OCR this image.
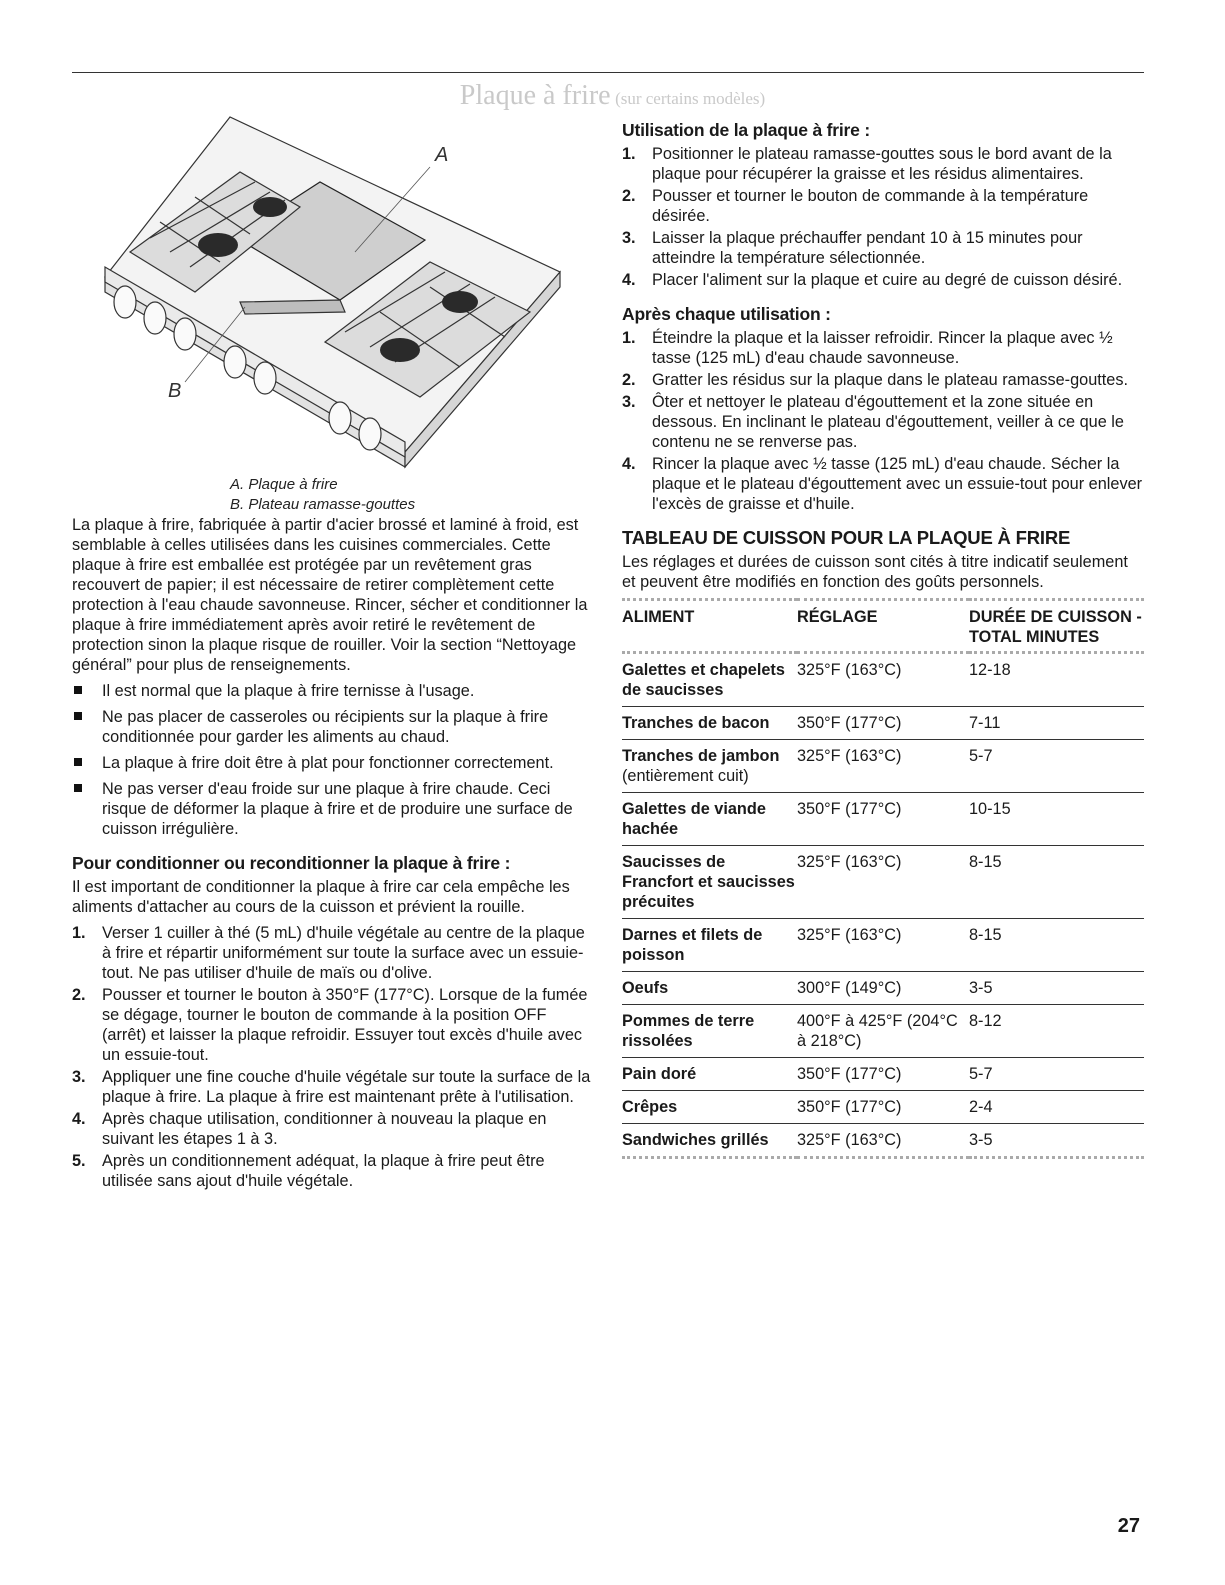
Plaque à frire (sur certains modèles)
A
B
A. Plaque à frire
B. Plateau ramasse-gouttes

La plaque à frire, fabriquée à partir d'acier brossé et laminé à froid, est semblable à celles utilisées dans les cuisines commerciales. Cette plaque à frire est emballée est protégée par un revêtement gras recouvert de papier; il est nécessaire de retirer complètement cette protection à l'eau chaude savonneuse. Rincer, sécher et conditionner la plaque à frire immédiatement après avoir retiré le revêtement de protection sinon la plaque risque de rouiller. Voir la section “Nettoyage général” pour plus de renseignements.

Il est normal que la plaque à frire ternisse à l'usage.
Ne pas placer de casseroles ou récipients sur la plaque à frire conditionnée pour garder les aliments au chaud.
La plaque à frire doit être à plat pour fonctionner correctement.
Ne pas verser d'eau froide sur une plaque à frire chaude. Ceci risque de déformer la plaque à frire et de produire une surface de cuisson irrégulière.
Pour conditionner ou reconditionner la plaque à frire :

Il est important de conditionner la plaque à frire car cela empêche les aliments d'attacher au cours de la cuisson et prévient la rouille.

1. Verser 1 cuiller à thé (5 mL) d'huile végétale au centre de la plaque à frire et répartir uniformément sur toute la surface avec un essuie-tout. Ne pas utiliser d'huile de maïs ou d'olive.
2. Pousser et tourner le bouton à 350°F (177°C). Lorsque de la fumée se dégage, tourner le bouton de commande à la position OFF (arrêt) et laisser la plaque refroidir. Essuyer tout excès d'huile avec un essuie-tout.
3. Appliquer une fine couche d'huile végétale sur toute la surface de la plaque à frire. La plaque à frire est maintenant prête à l'utilisation.
4. Après chaque utilisation, conditionner à nouveau la plaque en suivant les étapes 1 à 3.
5. Après un conditionnement adéquat, la plaque à frire peut être utilisée sans ajout d'huile végétale.
Utilisation de la plaque à frire :
1. Positionner le plateau ramasse-gouttes sous le bord avant de la plaque pour récupérer la graisse et les résidus alimentaires.
2. Pousser et tourner le bouton de commande à la température désirée.
3. Laisser la plaque préchauffer pendant 10 à 15 minutes pour atteindre la température sélectionnée.
4. Placer l'aliment sur la plaque et cuire au degré de cuisson désiré.
Après chaque utilisation :
1. Éteindre la plaque et la laisser refroidir. Rincer la plaque avec ½ tasse (125 mL) d'eau chaude savonneuse.
2. Gratter les résidus sur la plaque dans le plateau ramasse-gouttes.
3. Ôter et nettoyer le plateau d'égouttement et la zone située en dessous. En inclinant le plateau d'égouttement, veiller à ce que le contenu ne se renverse pas.
4. Rincer la plaque avec ½ tasse (125 mL) d'eau chaude. Sécher la plaque et le plateau d'égouttement avec un essuie-tout pour enlever l'excès de graisse et d'huile.
TABLEAU DE CUISSON POUR LA PLAQUE À FRIRE

Les réglages et durées de cuisson sont cités à titre indicatif seulement et peuvent être modifiés en fonction des goûts personnels.

ALIMENT	RÉGLAGE	DURÉE DE CUISSON - TOTAL MINUTES

Galettes et chapelets de saucisses	325°F (163°C)	12-18

Tranches de bacon	350°F (177°C)	7-11

Tranches de jambon
(entièrement cuit)	325°F (163°C)	5-7

Galettes de viande hachée	350°F (177°C)	10-15

Saucisses de Francfort et saucisses précuites	325°F (163°C)	8-15

Darnes et filets de poisson	325°F (163°C)	8-15

Oeufs	300°F (149°C)	3-5

Pommes de terre rissolées	400°F à 425°F (204°C à 218°C)	8-12

Pain doré	350°F (177°C)	5-7

Crêpes	350°F (177°C)	2-4

Sandwiches grillés	325°F (163°C)	3-5
27
